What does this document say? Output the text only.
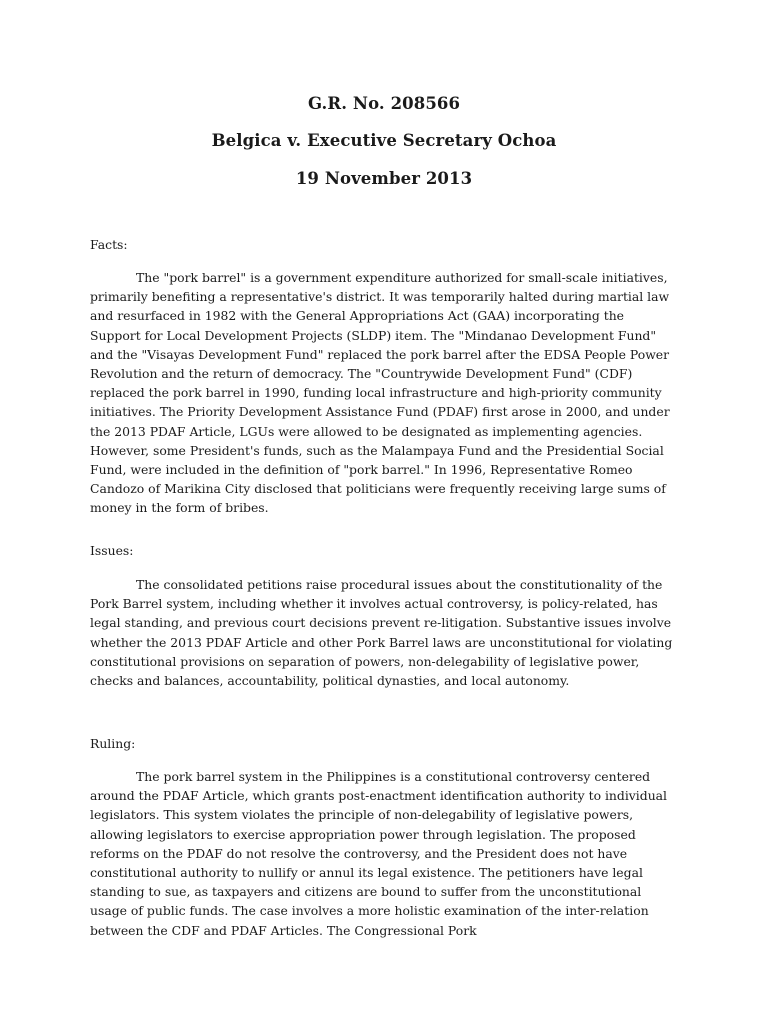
G.R. No. 208566
Belgica v. Executive Secretary Ochoa
19 November 2013
Facts:
The "pork barrel" is a government expenditure authorized for small-scale initiatives, primarily benefiting a representative's district. It was temporarily halted during martial law and resurfaced in 1982 with the General Appropriations Act (GAA) incorporating the Support for Local Development Projects (SLDP) item. The "Mindanao Development Fund" and the "Visayas Development Fund" replaced the pork barrel after the EDSA People Power Revolution and the return of democracy. The "Countrywide Development Fund" (CDF) replaced the pork barrel in 1990, funding local infrastructure and high-priority community initiatives. The Priority Development Assistance Fund (PDAF) first arose in 2000, and under the 2013 PDAF Article, LGUs were allowed to be designated as implementing agencies. However, some President's funds, such as the Malampaya Fund and the Presidential Social Fund, were included in the definition of "pork barrel." In 1996, Representative Romeo Candozo of Marikina City disclosed that politicians were frequently receiving large sums of money in the form of bribes.
Issues:
The consolidated petitions raise procedural issues about the constitutionality of the Pork Barrel system, including whether it involves actual controversy, is policy-related, has legal standing, and previous court decisions prevent re-litigation. Substantive issues involve whether the 2013 PDAF Article and other Pork Barrel laws are unconstitutional for violating constitutional provisions on separation of powers, non-delegability of legislative power, checks and balances, accountability, political dynasties, and local autonomy.
Ruling:
The pork barrel system in the Philippines is a constitutional controversy centered around the PDAF Article, which grants post-enactment identification authority to individual legislators. This system violates the principle of non-delegability of legislative powers, allowing legislators to exercise appropriation power through legislation. The proposed reforms on the PDAF do not resolve the controversy, and the President does not have constitutional authority to nullify or annul its legal existence. The petitioners have legal standing to sue, as taxpayers and citizens are bound to suffer from the unconstitutional usage of public funds. The case involves a more holistic examination of the inter-relation between the CDF and PDAF Articles. The Congressional Pork
